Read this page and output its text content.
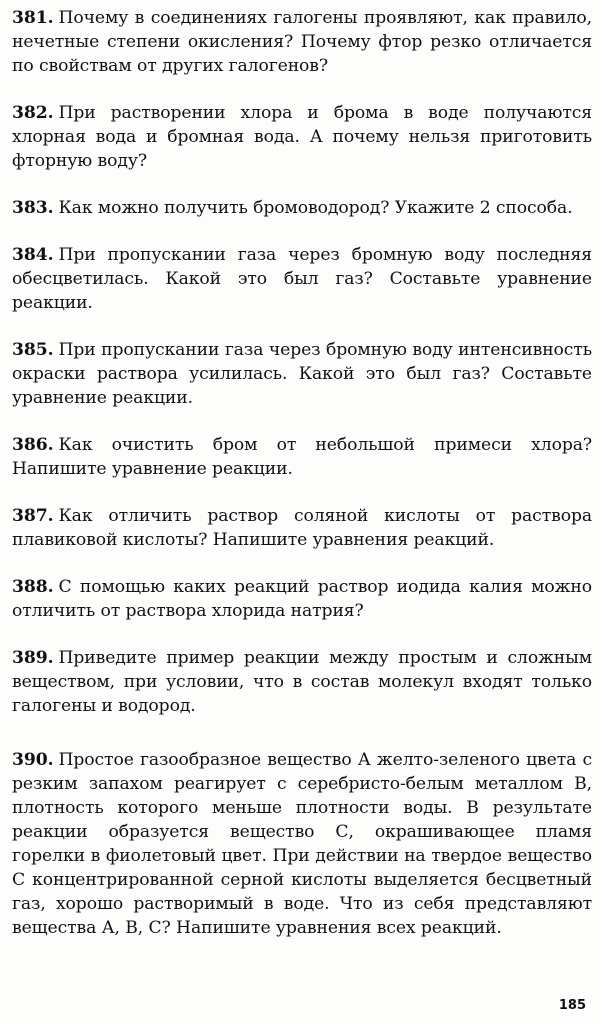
381. Почему в соединениях галогены проявляют, как правило, нечетные степени окисления? Почему фтор резко отличается по свойствам от других галогенов?

382. При растворении хлора и брома в воде получаются хлорная вода и бромная вода. А почему нельзя приготовить фторную воду?

383. Как можно получить бромоводород? Укажите 2 способа.

384. При пропускании газа через бромную воду последняя обесцветилась. Какой это был газ? Составьте уравнение реакции.

385. При пропускании газа через бромную воду интенсивность окраски раствора усилилась. Какой это был газ? Составьте уравнение реакции.

386. Как очистить бром от небольшой примеси хлора? Напишите уравнение реакции.

387. Как отличить раствор соляной кислоты от раствора плавиковой кислоты? Напишите уравнения реакций.

388. С помощью каких реакций раствор иодида калия можно отличить от раствора хлорида натрия?

389. Приведите пример реакции между простым и сложным веществом, при условии, что в состав молекул входят только галогены и водород.

390. Простое газообразное вещество А желто-зеленого цвета с резким запахом реагирует с серебристо-белым металлом В, плотность которого меньше плотности воды. В результате реакции образуется вещество С, окрашивающее пламя горелки в фиолетовый цвет. При действии на твердое вещество С концентрированной серной кислоты выделяется бесцветный газ, хорошо растворимый в воде. Что из себя представляют вещества А, В, С? Напишите уравнения всех реакций.

185
